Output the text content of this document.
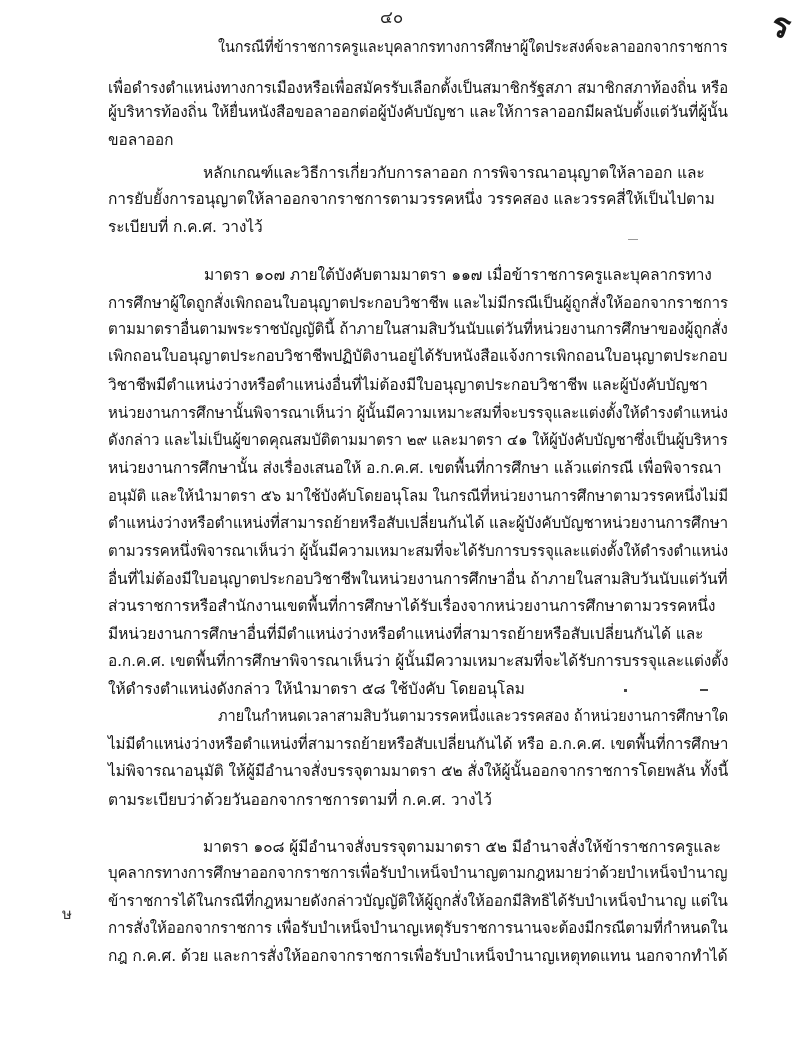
๔๐	ร
ษ
ในกรณีที่ข้าราชการครูและบุคลากรทางการศึกษาผู้ใดประสงค์จะลาออกจากราชการ
เพื่อดำรงตำแหน่งทางการเมืองหรือเพื่อสมัครรับเลือกตั้งเป็นสมาชิกรัฐสภา สมาชิกสภาท้องถิ่น หรือ
ผู้บริหารท้องถิ่น ให้ยื่นหนังสือขอลาออกต่อผู้บังคับบัญชา และให้การลาออกมีผลนับตั้งแต่วันที่ผู้นั้น
ขอลาออก
หลักเกณฑ์และวิธีการเกี่ยวกับการลาออก การพิจารณาอนุญาตให้ลาออก และ
การยับยั้งการอนุญาตให้ลาออกจากราชการตามวรรคหนึ่ง วรรคสอง และวรรคสี่ให้เป็นไปตาม
ระเบียบที่ ก.ค.ศ. วางไว้
มาตรา ๑๐๗ ภายใต้บังคับตามมาตรา ๑๑๗ เมื่อข้าราชการครูและบุคลากรทาง
การศึกษาผู้ใดถูกสั่งเพิกถอนใบอนุญาตประกอบวิชาชีพ และไม่มีกรณีเป็นผู้ถูกสั่งให้ออกจากราชการ
ตามมาตราอื่นตามพระราชบัญญัตินี้ ถ้าภายในสามสิบวันนับแต่วันที่หน่วยงานการศึกษาของผู้ถูกสั่ง
เพิกถอนใบอนุญาตประกอบวิชาชีพปฏิบัติงานอยู่ได้รับหนังสือแจ้งการเพิกถอนใบอนุญาตประกอบ
วิชาชีพมีตำแหน่งว่างหรือตำแหน่งอื่นที่ไม่ต้องมีใบอนุญาตประกอบวิชาชีพ และผู้บังคับบัญชา
หน่วยงานการศึกษานั้นพิจารณาเห็นว่า ผู้นั้นมีความเหมาะสมที่จะบรรจุและแต่งตั้งให้ดำรงตำแหน่ง
ดังกล่าว และไม่เป็นผู้ขาดคุณสมบัติตามมาตรา ๒๙ และมาตรา ๔๑ ให้ผู้บังคับบัญชาซึ่งเป็นผู้บริหาร
หน่วยงานการศึกษานั้น ส่งเรื่องเสนอให้ อ.ก.ค.ศ. เขตพื้นที่การศึกษา แล้วแต่กรณี เพื่อพิจารณา
อนุมัติ และให้นำมาตรา ๕๖ มาใช้บังคับโดยอนุโลม ในกรณีที่หน่วยงานการศึกษาตามวรรคหนึ่งไม่มี
ตำแหน่งว่างหรือตำแหน่งที่สามารถย้ายหรือสับเปลี่ยนกันได้ และผู้บังคับบัญชาหน่วยงานการศึกษา
ตามวรรคหนึ่งพิจารณาเห็นว่า ผู้นั้นมีความเหมาะสมที่จะได้รับการบรรจุและแต่งตั้งให้ดำรงตำแหน่ง
อื่นที่ไม่ต้องมีใบอนุญาตประกอบวิชาชีพในหน่วยงานการศึกษาอื่น ถ้าภายในสามสิบวันนับแต่วันที่
ส่วนราชการหรือสำนักงานเขตพื้นที่การศึกษาได้รับเรื่องจากหน่วยงานการศึกษาตามวรรคหนึ่ง
มีหน่วยงานการศึกษาอื่นที่มีตำแหน่งว่างหรือตำแหน่งที่สามารถย้ายหรือสับเปลี่ยนกันได้ และ
อ.ก.ค.ศ. เขตพื้นที่การศึกษาพิจารณาเห็นว่า ผู้นั้นมีความเหมาะสมที่จะได้รับการบรรจุและแต่งตั้ง
ให้ดำรงตำแหน่งดังกล่าว ให้นำมาตรา ๕๘ ใช้บังคับ โดยอนุโลม
ภายในกำหนดเวลาสามสิบวันตามวรรคหนึ่งและวรรคสอง ถ้าหน่วยงานการศึกษาใด
ไม่มีตำแหน่งว่างหรือตำแหน่งที่สามารถย้ายหรือสับเปลี่ยนกันได้ หรือ อ.ก.ค.ศ. เขตพื้นที่การศึกษา
ไม่พิจารณาอนุมัติ ให้ผู้มีอำนาจสั่งบรรจุตามมาตรา ๕๒ สั่งให้ผู้นั้นออกจากราชการโดยพลัน ทั้งนี้
ตามระเบียบว่าด้วยวันออกจากราชการตามที่ ก.ค.ศ. วางไว้
มาตรา ๑๐๘ ผู้มีอำนาจสั่งบรรจุตามมาตรา ๕๒ มีอำนาจสั่งให้ข้าราชการครูและ
บุคลากรทางการศึกษาออกจากราชการเพื่อรับบำเหน็จบำนาญตามกฎหมายว่าด้วยบำเหน็จบำนาญ
ข้าราชการได้ในกรณีที่กฎหมายดังกล่าวบัญญัติให้ผู้ถูกสั่งให้ออกมีสิทธิได้รับบำเหน็จบำนาญ แต่ใน
การสั่งให้ออกจากราชการ เพื่อรับบำเหน็จบำนาญเหตุรับราชการนานจะต้องมีกรณีตามที่กำหนดใน
กฎ ก.ค.ศ. ด้วย และการสั่งให้ออกจากราชการเพื่อรับบำเหน็จบำนาญเหตุทดแทน นอกจากทำได้
